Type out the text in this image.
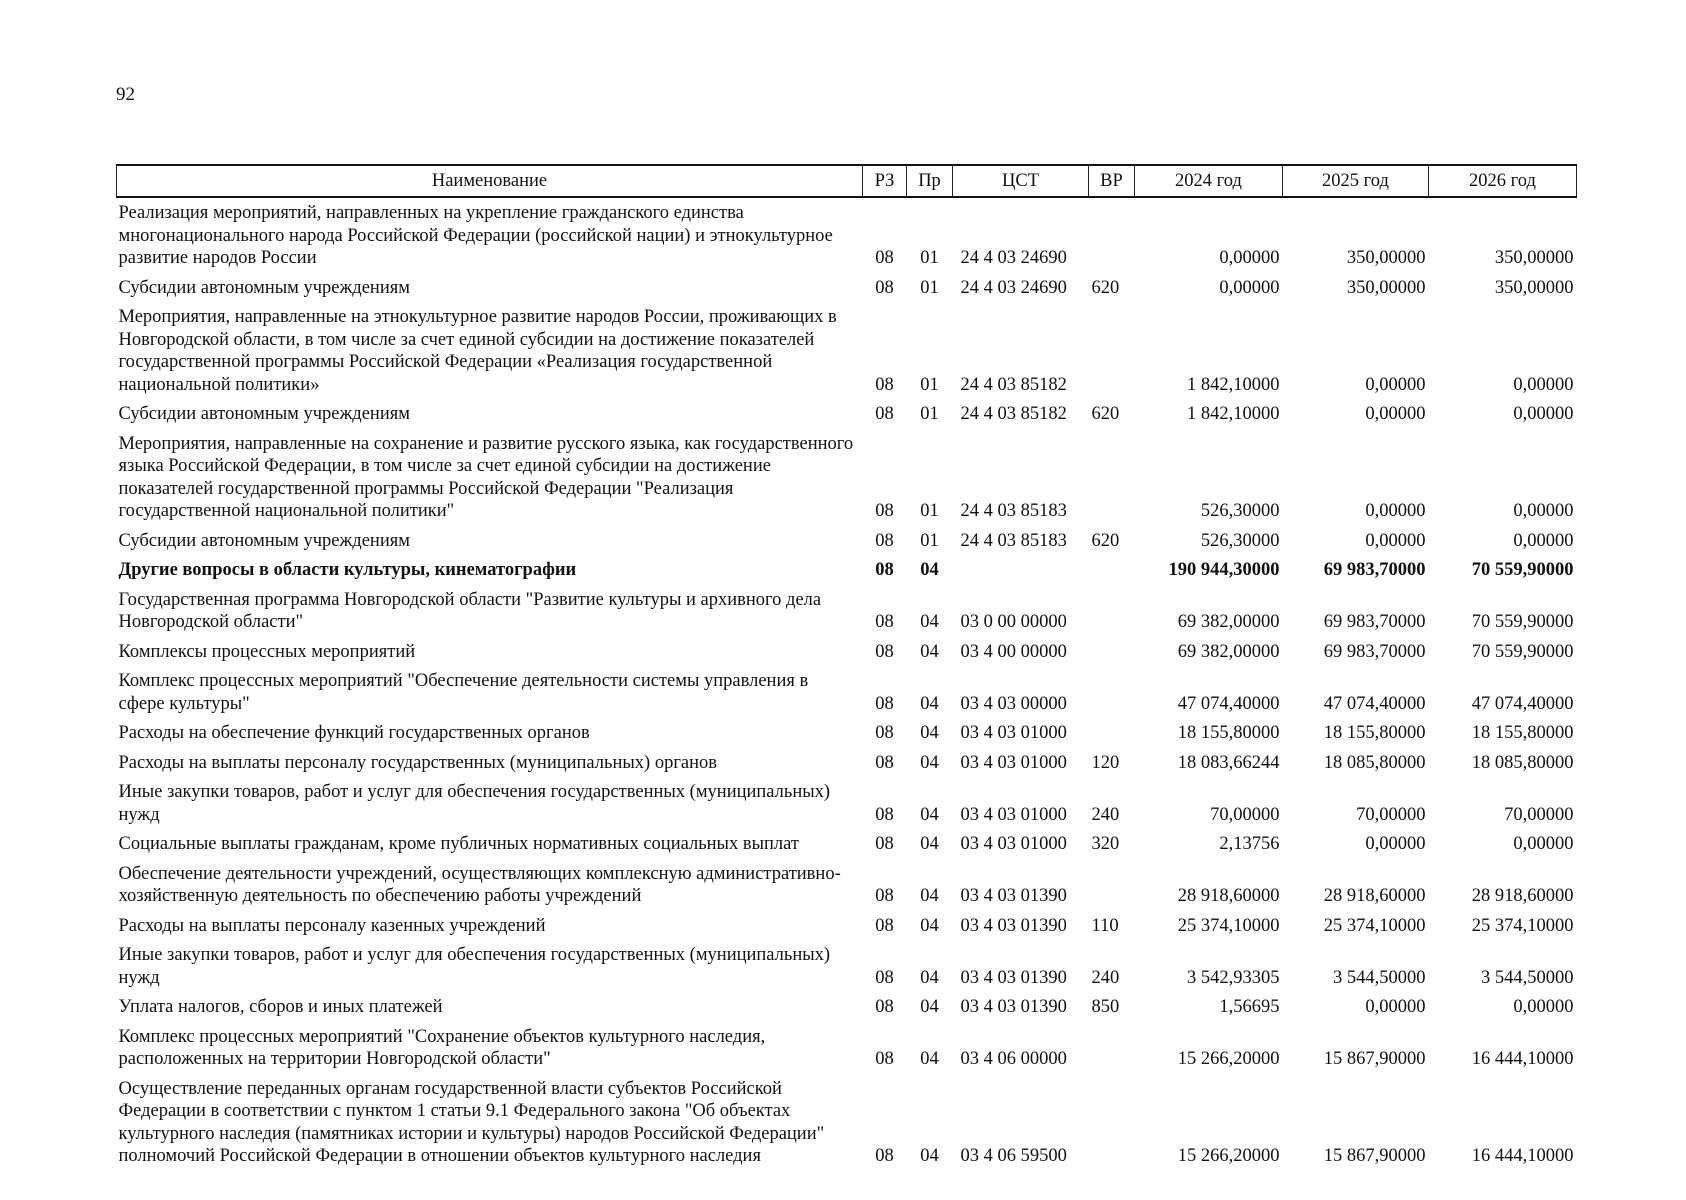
92
Наименование	РЗ	Пр	ЦСТ	ВР	2024 год	2025 год	2026 год
Реализация мероприятий, направленных на укрепление гражданского единства многонационального народа Российской Федерации (российской нации) и этнокультурное развитие народов России	08	01	24 4 03 24690		0,00000	350,00000	350,00000
Субсидии автономным учреждениям	08	01	24 4 03 24690	620	0,00000	350,00000	350,00000
Мероприятия, направленные на этнокультурное развитие народов России, проживающих в Новгородской области, в том числе за счет единой субсидии на достижение показателей государственной программы Российской Федерации «Реализация государственной национальной политики»	08	01	24 4 03 85182		1 842,10000	0,00000	0,00000
Субсидии автономным учреждениям	08	01	24 4 03 85182	620	1 842,10000	0,00000	0,00000
Мероприятия, направленные на сохранение и развитие русского языка, как государственного языка Российской Федерации, в том числе за счет единой субсидии на достижение показателей государственной программы Российской Федерации "Реализация государственной национальной политики"	08	01	24 4 03 85183		526,30000	0,00000	0,00000
Субсидии автономным учреждениям	08	01	24 4 03 85183	620	526,30000	0,00000	0,00000
Другие вопросы в области культуры, кинематографии	08	04			190 944,30000	69 983,70000	70 559,90000
Государственная программа Новгородской области "Развитие культуры и архивного дела Новгородской области"	08	04	03 0 00 00000		69 382,00000	69 983,70000	70 559,90000
Комплексы процессных мероприятий	08	04	03 4 00 00000		69 382,00000	69 983,70000	70 559,90000
Комплекс процессных мероприятий "Обеспечение деятельности системы управления в сфере культуры"	08	04	03 4 03 00000		47 074,40000	47 074,40000	47 074,40000
Расходы на обеспечение функций государственных органов	08	04	03 4 03 01000		18 155,80000	18 155,80000	18 155,80000
Расходы на выплаты персоналу государственных (муниципальных) органов	08	04	03 4 03 01000	120	18 083,66244	18 085,80000	18 085,80000
Иные закупки товаров, работ и услуг для обеспечения государственных (муниципальных) нужд	08	04	03 4 03 01000	240	70,00000	70,00000	70,00000
Социальные выплаты гражданам, кроме публичных нормативных социальных выплат	08	04	03 4 03 01000	320	2,13756	0,00000	0,00000
Обеспечение деятельности учреждений, осуществляющих комплексную административно-хозяйственную деятельность по обеспечению работы учреждений	08	04	03 4 03 01390		28 918,60000	28 918,60000	28 918,60000
Расходы на выплаты персоналу казенных учреждений	08	04	03 4 03 01390	110	25 374,10000	25 374,10000	25 374,10000
Иные закупки товаров, работ и услуг для обеспечения государственных (муниципальных) нужд	08	04	03 4 03 01390	240	3 542,93305	3 544,50000	3 544,50000
Уплата налогов, сборов и иных платежей	08	04	03 4 03 01390	850	1,56695	0,00000	0,00000
Комплекс процессных мероприятий "Сохранение объектов культурного наследия, расположенных на территории Новгородской области"	08	04	03 4 06 00000		15 266,20000	15 867,90000	16 444,10000
Осуществление переданных органам государственной власти субъектов Российской Федерации в соответствии с пунктом 1 статьи 9.1 Федерального закона "Об объектах культурного наследия (памятниках истории и культуры) народов Российской Федерации" полномочий Российской Федерации в отношении объектов культурного наследия	08	04	03 4 06 59500		15 266,20000	15 867,90000	16 444,10000
